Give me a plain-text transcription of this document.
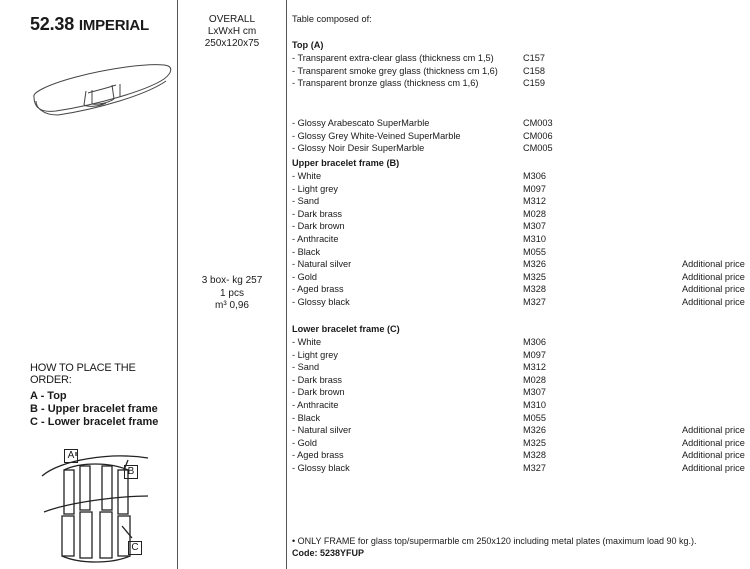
52.38 IMPERIAL
HOW TO PLACE THE ORDER:
A - Top
B - Upper bracelet frame
C - Lower bracelet frame
A
B
C
OVERALL
LxWxH cm
250x120x75
3 box- kg 257
1 pcs
m³ 0,96
Table composed of:
Top (A)
- Transparent extra-clear glass (thickness cm 1,5)	C157
- Transparent smoke grey glass (thickness cm 1,6)	C158
- Transparent bronze glass (thickness cm 1,6)	C159
- Glossy Arabescato SuperMarble	CM003
- Glossy Grey White-Veined SuperMarble	CM006
- Glossy Noir Desir SuperMarble	CM005
Upper bracelet frame (B)
- White	M306
- Light grey	M097
- Sand	M312
- Dark brass	M028
- Dark brown	M307
- Anthracite	M310
- Black	M055
- Natural silver	M326	Additional price
- Gold	M325	Additional price
- Aged brass	M328	Additional price
- Glossy black	M327	Additional price
Lower bracelet frame (C)
- White	M306
- Light grey	M097
- Sand	M312
- Dark brass	M028
- Dark brown	M307
- Anthracite	M310
- Black	M055
- Natural silver	M326	Additional price
- Gold	M325	Additional price
- Aged brass	M328	Additional price
- Glossy black	M327	Additional price
• ONLY FRAME for glass top/supermarble cm 250x120 including metal plates (maximum load 90 kg.).
Code: 5238YFUP
